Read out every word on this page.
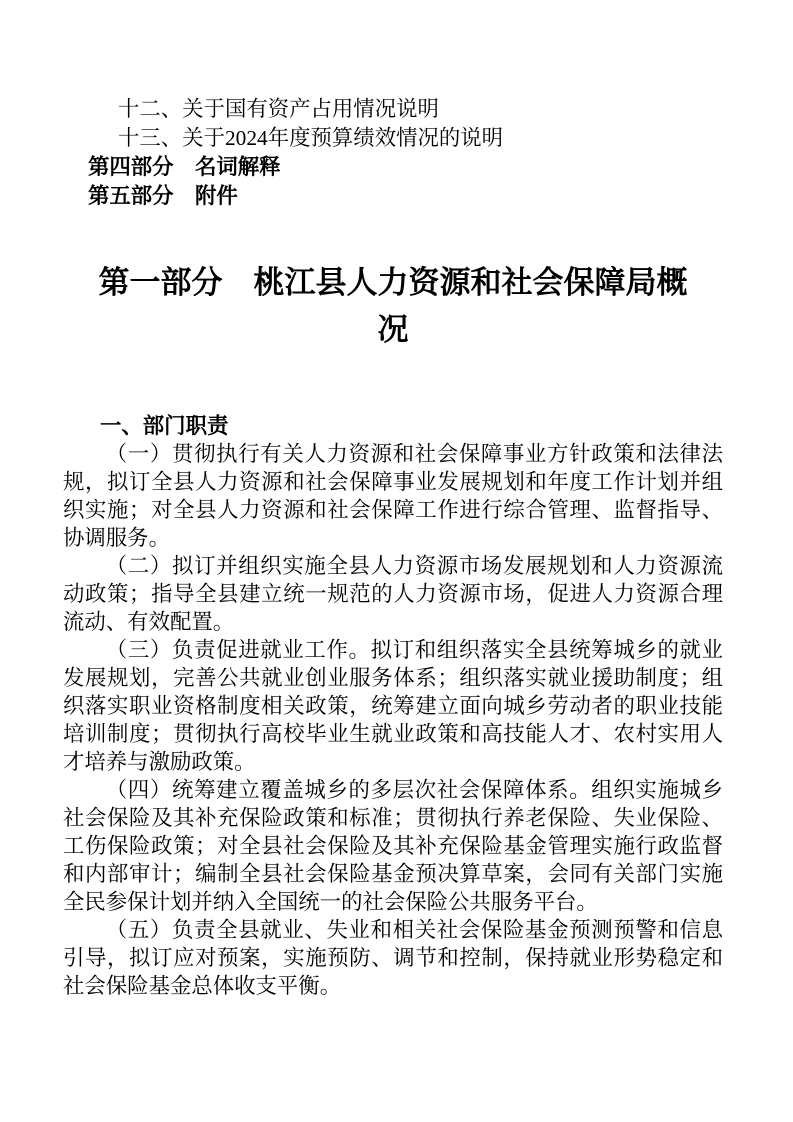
十二、关于国有资产占用情况说明
十三、关于2024年度预算绩效情况的说明
第四部分　名词解释
第五部分　附件
第一部分　桃江县人力资源和社会保障局概况
一、部门职责

（一）贯彻执行有关人力资源和社会保障事业方针政策和法律法规，拟订全县人力资源和社会保障事业发展规划和年度工作计划并组织实施；对全县人力资源和社会保障工作进行综合管理、监督指导、协调服务。

（二）拟订并组织实施全县人力资源市场发展规划和人力资源流动政策；指导全县建立统一规范的人力资源市场，促进人力资源合理流动、有效配置。

（三）负责促进就业工作。拟订和组织落实全县统筹城乡的就业发展规划，完善公共就业创业服务体系；组织落实就业援助制度；组织落实职业资格制度相关政策，统筹建立面向城乡劳动者的职业技能培训制度；贯彻执行高校毕业生就业政策和高技能人才、农村实用人才培养与激励政策。

（四）统筹建立覆盖城乡的多层次社会保障体系。组织实施城乡社会保险及其补充保险政策和标准；贯彻执行养老保险、失业保险、工伤保险政策；对全县社会保险及其补充保险基金管理实施行政监督和内部审计；编制全县社会保险基金预决算草案，会同有关部门实施全民参保计划并纳入全国统一的社会保险公共服务平台。

（五）负责全县就业、失业和相关社会保险基金预测预警和信息引导，拟订应对预案，实施预防、调节和控制，保持就业形势稳定和社会保险基金总体收支平衡。
